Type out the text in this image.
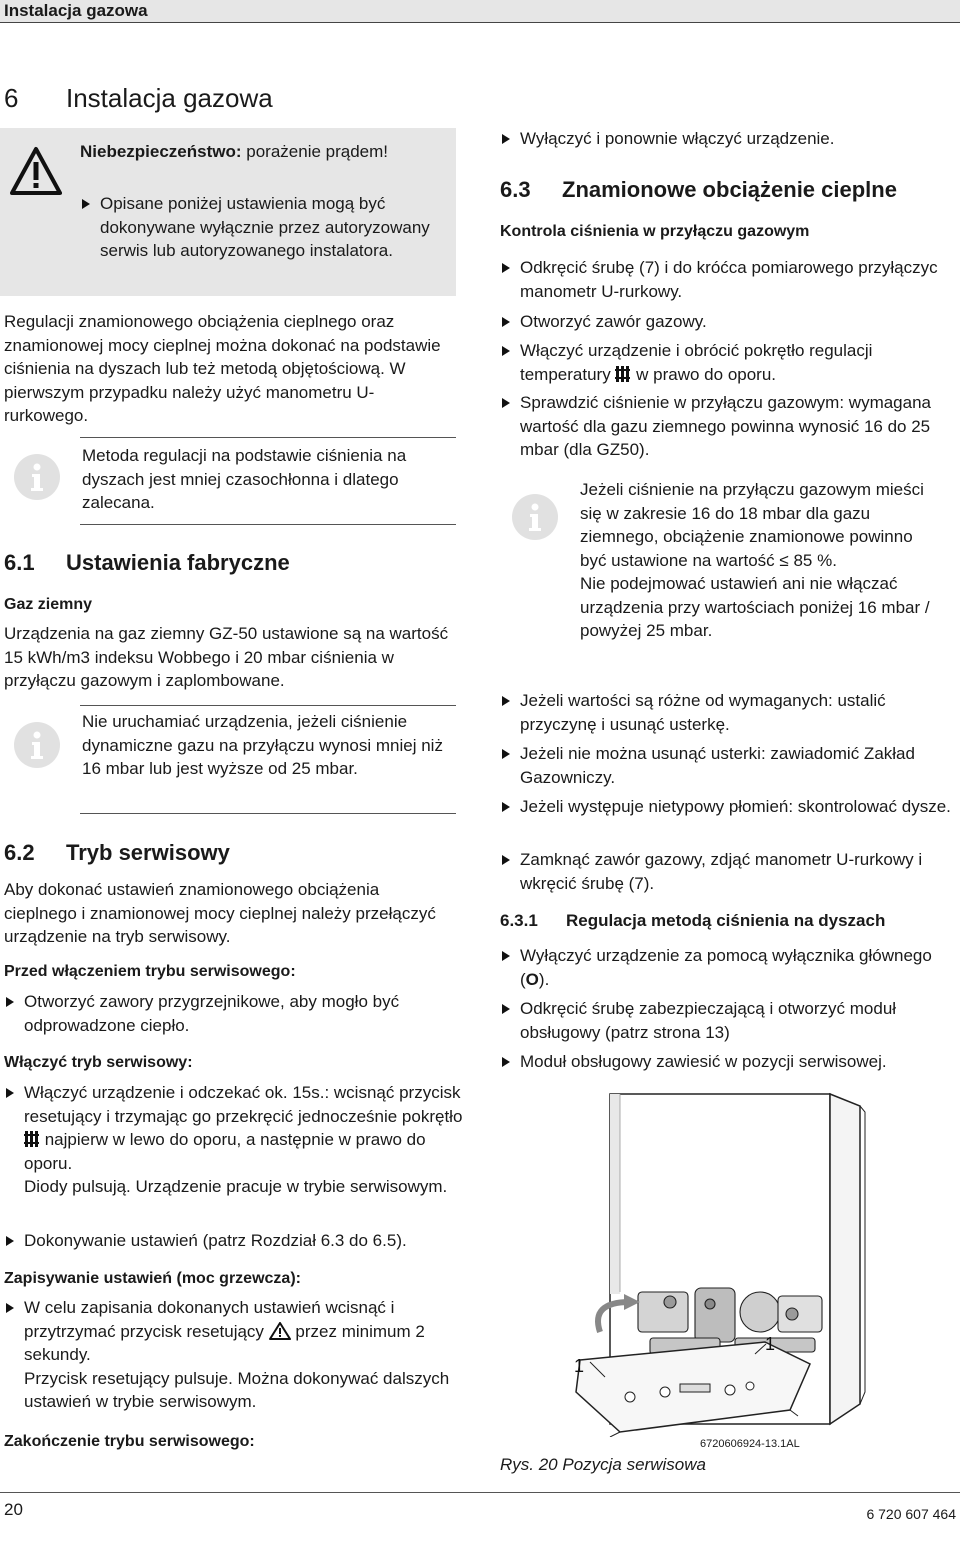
Instalacja gazowa
6 Instalacja gazowa
Niebezpieczeństwo: porażenie prądem!
Opisane poniżej ustawienia mogą być dokonywane wyłącznie przez autoryzowany serwis lub autoryzowanego instalatora.
Regulacji znamionowego obciążenia cieplnego oraz znamionowej mocy cieplnej można dokonać na podstawie ciśnienia na dyszach lub też metodą objętościową. W pierwszym przypadku należy użyć manometru U-rurkowego.
Metoda regulacji na podstawie ciśnienia na dyszach jest mniej czasochłonna i dlatego zalecana.
6.1 Ustawienia fabryczne
Gaz ziemny
Urządzenia na gaz ziemny GZ-50 ustawione są na wartość 15 kWh/m3 indeksu Wobbego i 20 mbar ciśnienia w przyłączu gazowym i zaplombowane.
Nie uruchamiać urządzenia, jeżeli ciśnienie dynamiczne gazu na przyłączu wynosi mniej niż 16 mbar lub jest wyższe od 25 mbar.
6.2 Tryb serwisowy
Aby dokonać ustawień znamionowego obciążenia cieplnego i znamionowej mocy cieplnej należy przełączyć urządzenie na tryb serwisowy.
Przed włączeniem trybu serwisowego:
Otworzyć zawory przygrzejnikowe, aby mogło być odprowadzone ciepło.
Włączyć tryb serwisowy:
Włączyć urządzenie i odczekać ok. 15s.: wcisnąć przycisk resetujący i trzymając go przekręcić jednocześnie pokrętło  najpierw w lewo do oporu, a następnie w prawo do oporu.
Diody pulsują. Urządzenie pracuje w trybie serwisowym.
Dokonywanie ustawień (patrz Rozdział 6.3 do 6.5).
Zapisywanie ustawień (moc grzewcza):
W celu zapisania dokonanych ustawień wcisnąć i przytrzymać przycisk resetujący  przez minimum 2 sekundy.
Przycisk resetujący pulsuje. Można dokonywać dalszych ustawień w trybie serwisowym.
Zakończenie trybu serwisowego:
Wyłączyć i ponownie włączyć urządzenie.
6.3 Znamionowe obciążenie cieplne
Kontrola ciśnienia w przyłączu gazowym
Odkręcić śrubę (7) i do króćca pomiarowego przyłączyc manometr U-rurkowy.
Otworzyć zawór gazowy.
Włączyć urządzenie i obrócić pokrętło regulacji temperatury  w prawo do oporu.
Sprawdzić ciśnienie w przyłączu gazowym: wymagana wartość dla gazu ziemnego powinna wynosić 16 do 25 mbar (dla GZ50).
Jeżeli ciśnienie na przyłączu gazowym mieści się w zakresie 16 do 18 mbar dla gazu ziemnego, obciążenie znamionowe powinno być ustawione na wartość ≤ 85 %.
Nie podejmować ustawień ani nie włączać urządzenia przy wartościach poniżej 16 mbar / powyżej 25 mbar.
Jeżeli wartości są różne od wymaganych: ustalić przyczynę i usunąć usterkę.
Jeżeli nie można usunąć usterki: zawiadomić Zakład Gazowniczy.
Jeżeli występuje nietypowy płomień: skontrolować dysze.
Zamknąć zawór gazowy, zdjąć manometr U-rurkowy i wkręcić śrubę (7).
6.3.1 Regulacja metodą ciśnienia na dyszach
Wyłączyć urządzenie za pomocą wyłącznika głównego (O).
Odkręcić śrubę zabezpieczającą i otworzyć moduł obsługowy (patrz strona 13)
Moduł obsługowy zawiesić w pozycji serwisowej.
1
1
6720606924-13.1AL
Rys. 20 Pozycja serwisowa
20	6 720 607 464
